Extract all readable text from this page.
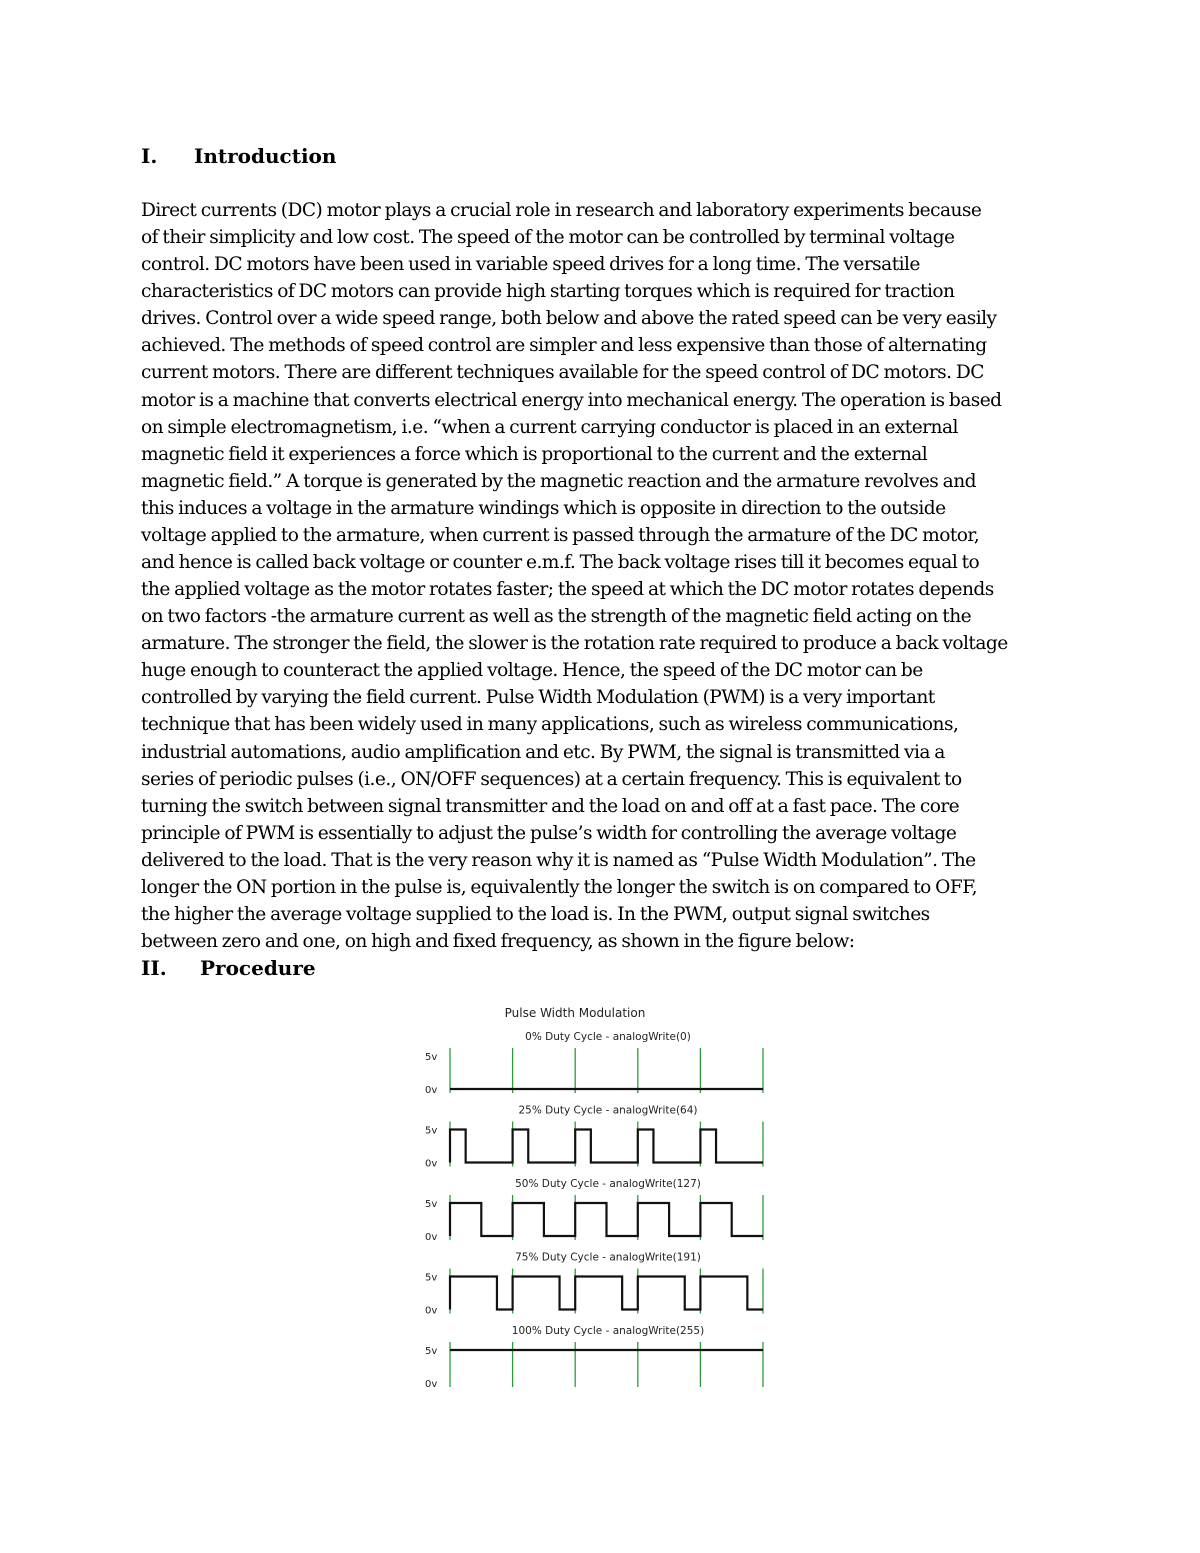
I. Introduction
Direct currents (DC) motor plays a crucial role in research and laboratory experiments because
of their simplicity and low cost. The speed of the motor can be controlled by terminal voltage
control. DC motors have been used in variable speed drives for a long time. The versatile
characteristics of DC motors can provide high starting torques which is required for traction
drives. Control over a wide speed range, both below and above the rated speed can be very easily
achieved. The methods of speed control are simpler and less expensive than those of alternating
current motors. There are different techniques available for the speed control of DC motors. DC
motor is a machine that converts electrical energy into mechanical energy. The operation is based
on simple electromagnetism, i.e. “when a current carrying conductor is placed in an external
magnetic field it experiences a force which is proportional to the current and the external
magnetic field.” A torque is generated by the magnetic reaction and the armature revolves and
this induces a voltage in the armature windings which is opposite in direction to the outside
voltage applied to the armature, when current is passed through the armature of the DC motor,
and hence is called back voltage or counter e.m.f. The back voltage rises till it becomes equal to
the applied voltage as the motor rotates faster; the speed at which the DC motor rotates depends
on two factors -the armature current as well as the strength of the magnetic field acting on the
armature. The stronger the field, the slower is the rotation rate required to produce a back voltage
huge enough to counteract the applied voltage. Hence, the speed of the DC motor can be
controlled by varying the field current. Pulse Width Modulation (PWM) is a very important
technique that has been widely used in many applications, such as wireless communications,
industrial automations, audio amplification and etc. By PWM, the signal is transmitted via a
series of periodic pulses (i.e., ON/OFF sequences) at a certain frequency. This is equivalent to
turning the switch between signal transmitter and the load on and off at a fast pace. The core
principle of PWM is essentially to adjust the pulse’s width for controlling the average voltage
delivered to the load. That is the very reason why it is named as “Pulse Width Modulation”. The
longer the ON portion in the pulse is, equivalently the longer the switch is on compared to OFF,
the higher the average voltage supplied to the load is. In the PWM, output signal switches
between zero and one, on high and fixed frequency, as shown in the figure below:
II. Procedure
Pulse Width Modulation
0% Duty Cycle - analogWrite(0)
5v
0v
25% Duty Cycle - analogWrite(64)
5v
0v
50% Duty Cycle - analogWrite(127)
5v
0v
75% Duty Cycle - analogWrite(191)
5v
0v
100% Duty Cycle - analogWrite(255)
5v
0v
